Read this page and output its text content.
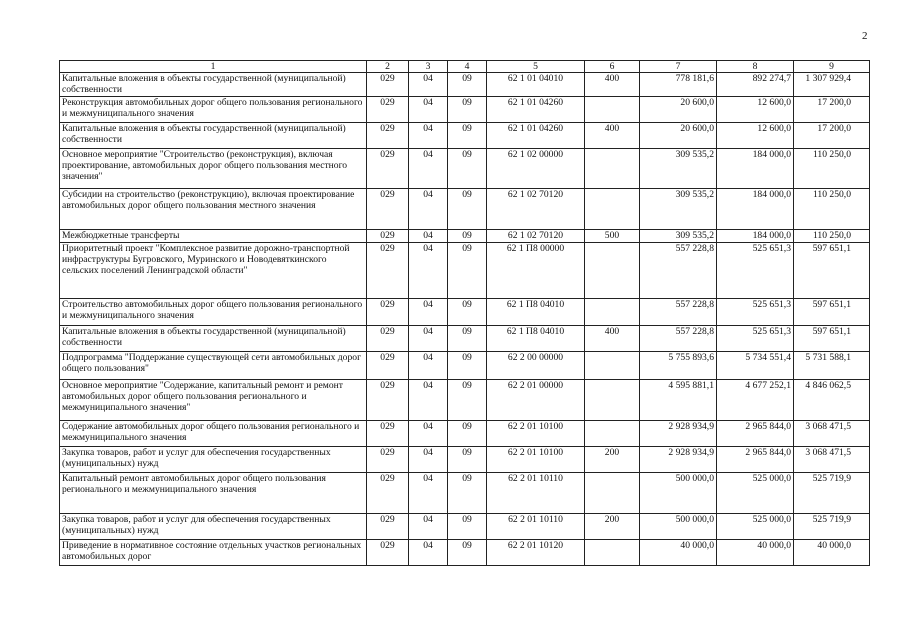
2
1	2	3	4	5	6	7	8	9
Капитальные вложения в объекты государственной (муниципальной) собственности	029	04	09	62 1 01 04010	400	778 181,6	892 274,7	1 307 929,4
Реконструкция автомобильных дорог общего пользования регионального и межмуниципального значения	029	04	09	62 1 01 04260		20 600,0	12 600,0	17 200,0
Капитальные вложения в объекты государственной (муниципальной) собственности	029	04	09	62 1 01 04260	400	20 600,0	12 600,0	17 200,0
Основное мероприятие "Строительство (реконструкция), включая проектирование, автомобильных дорог общего пользования местного значения"	029	04	09	62 1 02 00000		309 535,2	184 000,0	110 250,0
Субсидии на строительство (реконструкцию), включая проектирование автомобильных дорог общего пользования местного значения	029	04	09	62 1 02 70120		309 535,2	184 000,0	110 250,0
Межбюджетные трансферты	029	04	09	62 1 02 70120	500	309 535,2	184 000,0	110 250,0
Приоритетный проект "Комплексное развитие дорожно-транспортной инфраструктуры Бугровского, Муринского и Новодевяткинского сельских поселений Ленинградской области"	029	04	09	62 1 П8 00000		557 228,8	525 651,3	597 651,1
Строительство автомобильных дорог общего пользования регионального и межмуниципального значения	029	04	09	62 1 П8 04010		557 228,8	525 651,3	597 651,1
Капитальные вложения в объекты государственной (муниципальной) собственности	029	04	09	62 1 П8 04010	400	557 228,8	525 651,3	597 651,1
Подпрограмма "Поддержание существующей сети автомобильных дорог общего пользования"	029	04	09	62 2 00 00000		5 755 893,6	5 734 551,4	5 731 588,1
Основное мероприятие "Содержание, капитальный ремонт и ремонт автомобильных дорог общего пользования регионального и межмуниципального значения"	029	04	09	62 2 01 00000		4 595 881,1	4 677 252,1	4 846 062,5
Содержание автомобильных дорог общего пользования регионального и межмуниципального значения	029	04	09	62 2 01 10100		2 928 934,9	2 965 844,0	3 068 471,5
Закупка товаров, работ и услуг для обеспечения государственных (муниципальных) нужд	029	04	09	62 2 01 10100	200	2 928 934,9	2 965 844,0	3 068 471,5
Капитальный ремонт автомобильных дорог общего пользования регионального и межмуниципального значения	029	04	09	62 2 01 10110		500 000,0	525 000,0	525 719,9
Закупка товаров, работ и услуг для обеспечения государственных (муниципальных) нужд	029	04	09	62 2 01 10110	200	500 000,0	525 000,0	525 719,9
Приведение в нормативное состояние отдельных участков региональных автомобильных дорог	029	04	09	62 2 01 10120		40 000,0	40 000,0	40 000,0
